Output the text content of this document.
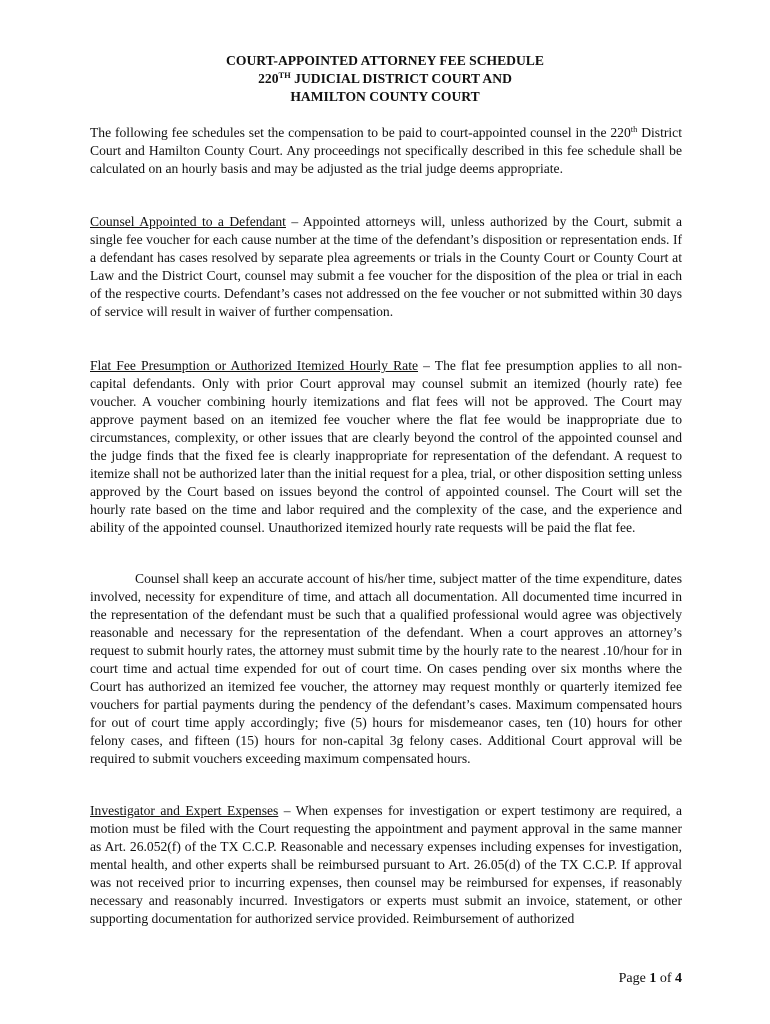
COURT-APPOINTED ATTORNEY FEE SCHEDULE
220TH JUDICIAL DISTRICT COURT AND
HAMILTON COUNTY COURT

The following fee schedules set the compensation to be paid to court-appointed counsel in the 220th District Court and Hamilton County Court. Any proceedings not specifically described in this fee schedule shall be calculated on an hourly basis and may be adjusted as the trial judge deems appropriate.

Counsel Appointed to a Defendant – Appointed attorneys will, unless authorized by the Court, submit a single fee voucher for each cause number at the time of the defendant’s disposition or representation ends. If a defendant has cases resolved by separate plea agreements or trials in the County Court or County Court at Law and the District Court, counsel may submit a fee voucher for the disposition of the plea or trial in each of the respective courts. Defendant’s cases not addressed on the fee voucher or not submitted within 30 days of service will result in waiver of further compensation.

Flat Fee Presumption or Authorized Itemized Hourly Rate – The flat fee presumption applies to all non-capital defendants. Only with prior Court approval may counsel submit an itemized (hourly rate) fee voucher. A voucher combining hourly itemizations and flat fees will not be approved. The Court may approve payment based on an itemized fee voucher where the flat fee would be inappropriate due to circumstances, complexity, or other issues that are clearly beyond the control of the appointed counsel and the judge finds that the fixed fee is clearly inappropriate for representation of the defendant. A request to itemize shall not be authorized later than the initial request for a plea, trial, or other disposition setting unless approved by the Court based on issues beyond the control of appointed counsel. The Court will set the hourly rate based on the time and labor required and the complexity of the case, and the experience and ability of the appointed counsel. Unauthorized itemized hourly rate requests will be paid the flat fee.

Counsel shall keep an accurate account of his/her time, subject matter of the time expenditure, dates involved, necessity for expenditure of time, and attach all documentation. All documented time incurred in the representation of the defendant must be such that a qualified professional would agree was objectively reasonable and necessary for the representation of the defendant. When a court approves an attorney’s request to submit hourly rates, the attorney must submit time by the hourly rate to the nearest .10/hour for in court time and actual time expended for out of court time. On cases pending over six months where the Court has authorized an itemized fee voucher, the attorney may request monthly or quarterly itemized fee vouchers for partial payments during the pendency of the defendant’s cases. Maximum compensated hours for out of court time apply accordingly; five (5) hours for misdemeanor cases, ten (10) hours for other felony cases, and fifteen (15) hours for non-capital 3g felony cases. Additional Court approval will be required to submit vouchers exceeding maximum compensated hours.

Investigator and Expert Expenses – When expenses for investigation or expert testimony are required, a motion must be filed with the Court requesting the appointment and payment approval in the same manner as Art. 26.052(f) of the TX C.C.P. Reasonable and necessary expenses including expenses for investigation, mental health, and other experts shall be reimbursed pursuant to Art. 26.05(d) of the TX C.C.P. If approval was not received prior to incurring expenses, then counsel may be reimbursed for expenses, if reasonably necessary and reasonably incurred. Investigators or experts must submit an invoice, statement, or other supporting documentation for authorized service provided. Reimbursement of authorized

Page 1 of 4
